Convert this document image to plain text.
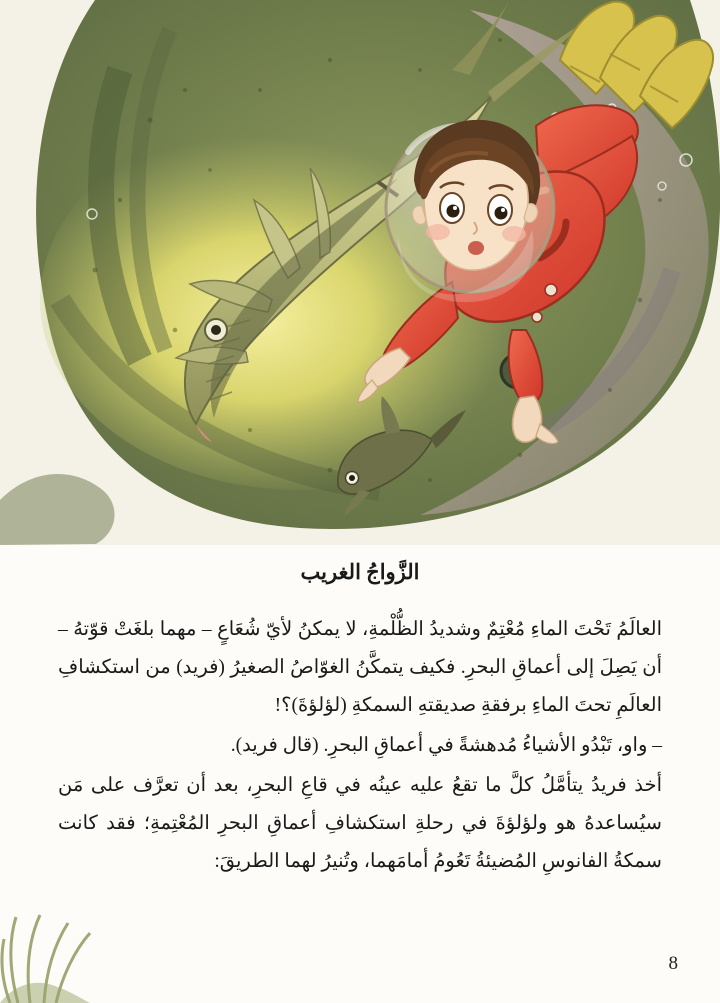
الزَّواجُ الغريب

العالَمُ تَحْتَ الماءِ مُعْتِمٌ وشديدُ الظُّلْمةِ، لا يمكنُ لأيّ شُعَاعٍ – مهما بلغَتْ قوّتهُ – أن يَصِلَ إلى أعماقِ البحرِ. فكيف يتمكَّنُ الغوّاصُ الصغيرُ (فريد) من استكشافِ العالَمِ تحتَ الماءِ برفقةِ صديقتهِ السمكةِ (لؤلؤةَ)؟!

– واو، تَبْدُو الأشياءُ مُدهشةً في أعماقِ البحرِ. (قال فريد).

أخذ فريدُ يتأمَّلُ كلَّ ما تقعُ عليه عينُه في قاعِ البحرِ، بعد أن تعرَّف على مَن سيُساعدهُ هو ولؤلؤةَ في رحلةِ استكشافِ أعماقِ البحرِ المُعْتِمةِ؛ فقد كانت سمكةُ الفانوسِ المُضيئةُ تَعُومُ أمامَهما، وتُنيرُ لهما الطريقَ:

8
